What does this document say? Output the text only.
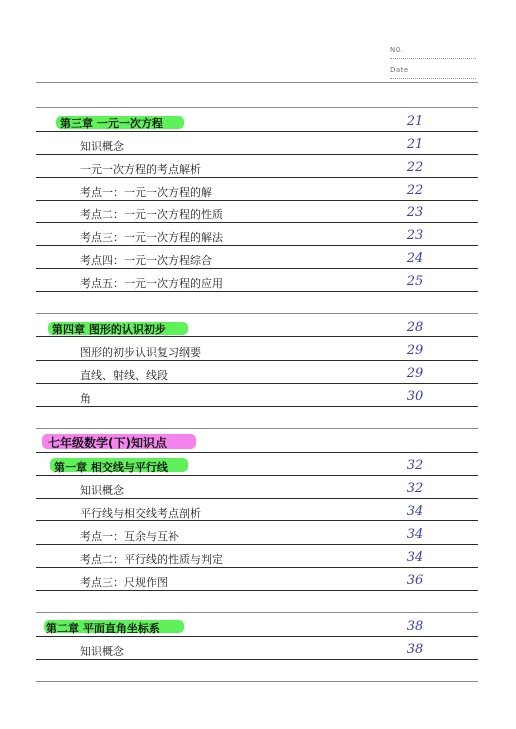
N0.
Date
第三章 一元一次方程	21
知识概念	21
一元一次方程的考点解析	22
考点一：一元一次方程的解	22
考点二：一元一次方程的性质	23
考点三：一元一次方程的解法	23
考点四：一元一次方程综合	24
考点五：一元一次方程的应用	25
第四章 图形的认识初步	28
图形的初步认识复习纲要	29
直线、射线、线段	29
角	30
七年级数学(下)知识点
第一章 相交线与平行线	32
知识概念	32
平行线与相交线考点剖析	34
考点一：互余与互补	34
考点二：平行线的性质与判定	34
考点三：尺规作图	36
第二章 平面直角坐标系	38
知识概念	38
